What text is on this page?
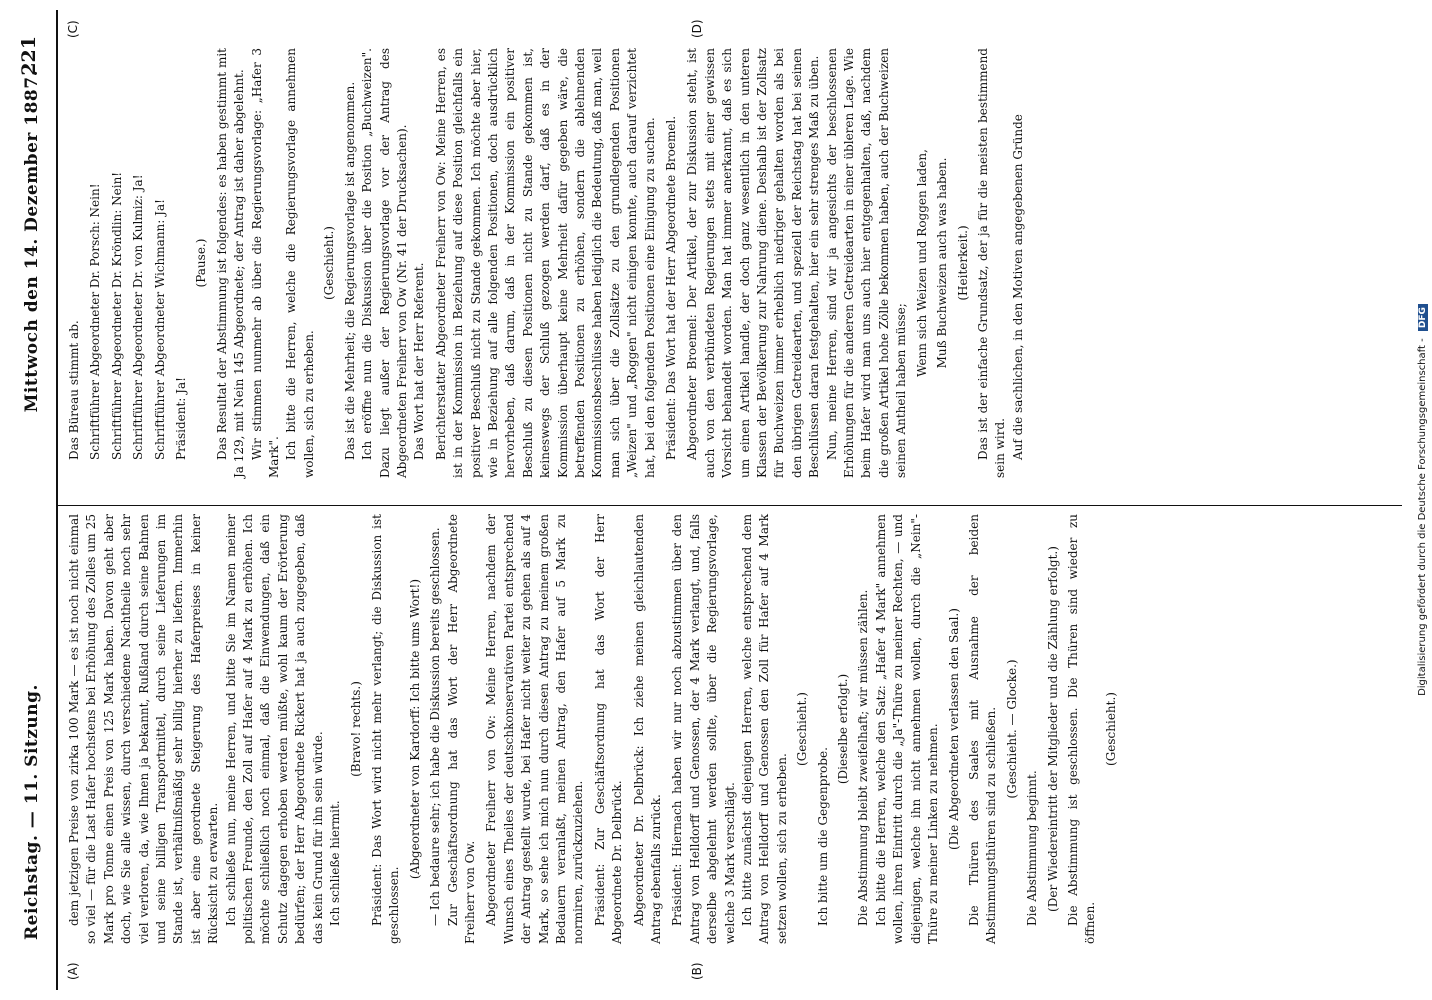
Reichstag. — 11. Sitzung.
Mittwoch den 14. Dezember 1887.
221
(A)	(B)
(C)	(D)

dem jetzigen Preise von zirka 100 Mark — es ist noch nicht einmal so viel — für die Last Hafer hochstens bei Erhöhung des Zolles um 25 Mark pro Tonne einen Preis von 125 Mark haben. Davon geht aber doch, wie Sie alle wissen, durch verschiedene Nachtheile noch sehr viel verloren, da, wie Ihnen ja bekannt, Rußland durch seine Bahnen und seine billigen Transportmittel, durch seine Lieferungen im Stande ist, verhältnißmäßig sehr billig hierher zu liefern. Immerhin ist aber eine geordnete Steigerung des Haferpreises in keiner Rücksicht zu erwarten. Ich schließe nun, meine Herren, und bitte Sie im Namen meiner politischen Freunde, den Zoll auf Hafer auf 4 Mark zu erhöhen. Ich möchte schließlich noch einmal, daß die Einwendungen, daß ein Schutz dagegen erhoben werden müßte, wohl kaum der Erörterung bedürfen; der Herr Abgeordnete Rickert hat ja auch zugegeben, daß das kein Grund für ihn sein würde. Ich schließe hiermit.

(Bravo! rechts.) Präsident: Das Wort wird nicht mehr verlangt; die Diskussion ist geschlossen.

(Abgeordneter von Kardorff: Ich bitte ums Wort!) — Ich bedaure sehr; ich habe die Diskussion bereits geschlossen. Zur Geschäftsordnung hat das Wort der Herr Abgeordnete Freiherr von Ow. Abgeordneter Freiherr von Ow: Meine Herren, nachdem der Wunsch eines Theiles der deutschkonservativen Partei entsprechend der Antrag gestellt wurde, bei Hafer nicht weiter zu gehen als auf 4 Mark, so sehe ich mich nun durch diesen Antrag zu meinem großen Bedauern veranlaßt, meinen Antrag, den Hafer auf 5 Mark zu normiren, zurückzuziehen. Präsident: Zur Geschäftsordnung hat das Wort der Herr Abgeordnete Dr. Delbrück. Abgeordneter Dr. Delbrück: Ich ziehe meinen gleichlautenden Antrag ebenfalls zurück. Präsident: Hiernach haben wir nur noch abzustimmen über den Antrag von Helldorff und Genossen, der 4 Mark verlangt, und, falls derselbe abgelehnt werden sollte, über die Regierungsvorlage, welche 3 Mark verschlägt. Ich bitte zunächst diejenigen Herren, welche entsprechend dem Antrag von Helldorff und Genossen den Zoll für Hafer auf 4 Mark setzen wollen, sich zu erheben.

(Geschieht.)

Ich bitte um die Gegenprobe.

(Dieselbe erfolgt.) Die Abstimmung bleibt zweifelhaft; wir müssen zählen. Ich bitte die Herren, welche den Satz: „Hafer 4 Mark" annehmen wollen, ihren Eintritt durch die „Ja"-Thüre zu meiner Rechten, — und diejenigen, welche ihn nicht annehmen wollen, durch die „Nein"-Thüre zu meiner Linken zu nehmen. (Die Abgeordneten verlassen den Saal.) Die Thüren des Saales mit Ausnahme der beiden Abstimmungsthüren sind zu schließen. (Geschieht. — Glocke.)

Die Abstimmung beginnt. (Der Wiedereintritt der Mitglieder und die Zählung erfolgt.) Die Abstimmung ist geschlossen. Die Thüren sind wieder zu öffnen.

(Geschieht.)

Das Büreau stimmt ab. Schriftführer Abgeordneter Dr. Porsch: Nein! Schriftführer Abgeordneter Dr. Kröndlin: Nein! Schriftführer Abgeordneter Dr. von Kulmiz: Ja! Schriftführer Abgeordneter Wichmann: Ja! Präsident: Ja!

(Pause.) Das Resultat der Abstimmung ist folgendes: es haben gestimmt mit Ja 129, mit Nein 145 Abgeordnete; der Antrag ist daher abgelehnt. Wir stimmen nunmehr ab über die Regierungsvorlage: „Hafer 3 Mark". Ich bitte die Herren, welche die Regierungsvorlage annehmen wollen, sich zu erheben.

(Geschieht.) Das ist die Mehrheit; die Regierungsvorlage ist angenommen. Ich eröffne nun die Diskussion über die Position „Buchweizen". Dazu liegt außer der Regierungsvorlage vor der Antrag des Abgeordneten Freiherr von Ow (Nr. 41 der Drucksachen). Das Wort hat der Herr Referent. Berichterstatter Abgeordneter Freiherr von Ow: Meine Herren, es ist in der Kommission in Beziehung auf diese Position gleichfalls ein positiver Beschluß nicht zu Stande gekommen. Ich möchte aber hier, wie in Beziehung auf alle folgenden Positionen, doch ausdrücklich hervorheben, daß darum, daß in der Kommission ein positiver Beschluß zu diesen Positionen nicht zu Stande gekommen ist, keineswegs der Schluß gezogen werden darf, daß es in der Kommission überhaupt keine Mehrheit dafür gegeben wäre, die betreffenden Positionen zu erhöhen, sondern die ablehnenden Kommissionsbeschlüsse haben lediglich die Bedeutung, daß man, weil man sich über die Zollsätze zu den grundlegenden Positionen „Weizen" und „Roggen" nicht einigen konnte, auch darauf verzichtet hat, bei den folgenden Positionen eine Einigung zu suchen. Präsident: Das Wort hat der Herr Abgeordnete Broemel. Abgeordneter Broemel: Der Artikel, der zur Diskussion steht, ist auch von den verbündeten Regierungen stets mit einer gewissen Vorsicht behandelt worden. Man hat immer anerkannt, daß es sich um einen Artikel handle, der doch ganz wesentlich in den unteren Klassen der Bevölkerung zur Nahrung diene. Deshalb ist der Zollsatz für Buchweizen immer erheblich niedriger gehalten worden als bei den übrigen Getreidearten, und speziell der Reichstag hat bei seinen Beschlüssen daran festgehalten, hier ein sehr strenges Maß zu üben. Nun, meine Herren, sind wir ja angesichts der beschlossenen Erhöhungen für die anderen Getreidearten in einer übleren Lage. Wie beim Hafer wird man uns auch hier entgegenhalten, daß, nachdem die großen Artikel hohe Zölle bekommen haben, auch der Buchweizen seinen Antheil haben müsse;

Wenn sich Weizen und Roggen laden, Muß Buchweizen auch was haben. (Heiterkeit.) Das ist der einfache Grundsatz, der ja für die meisten bestimmend sein wird. Auf die sachlichen, in den Motiven angegebenen Gründe

Digitalisierung gefördert durch die Deutsche Forschungsgemeinschaft - DFG
